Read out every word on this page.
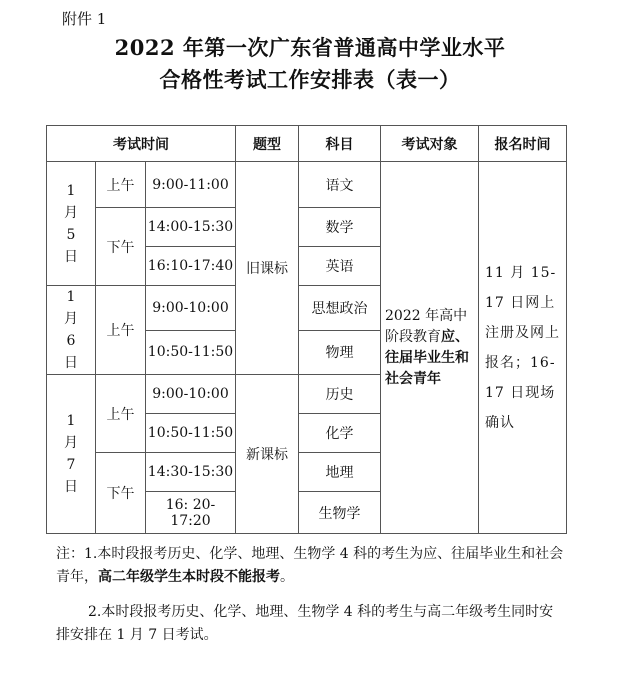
附件 1
2022 年第一次广东省普通高中学业水平
合格性考试工作安排表（表一）
考试时间			题型	科目	考试对象	报名时间
1月5日	上午	9:00-11:00	旧课标	语文	2022 年高中阶段教育应、往届毕业生和社会青年	11 月 15-17 日网上注册及网上报名；16-17 日现场确认
	下午	14:00-15:30		数学		
		16:10-17:40		英语		
1月6日	上午	9:00-10:00		思想政治		
		10:50-11:50		物理		
1月7日	上午	9:00-10:00	新课标	历史		
		10:50-11:50		化学		
	下午	14:30-15:30		地理		
		16: 20-17:20		生物学		
注：1.本时段报考历史、化学、地理、生物学 4 科的考生为应、往届毕业生和社会青年，高二年级学生本时段不能报考。
2.本时段报考历史、化学、地理、生物学 4 科的考生与高二年级考生同时安排安排在 1 月 7 日考试。
